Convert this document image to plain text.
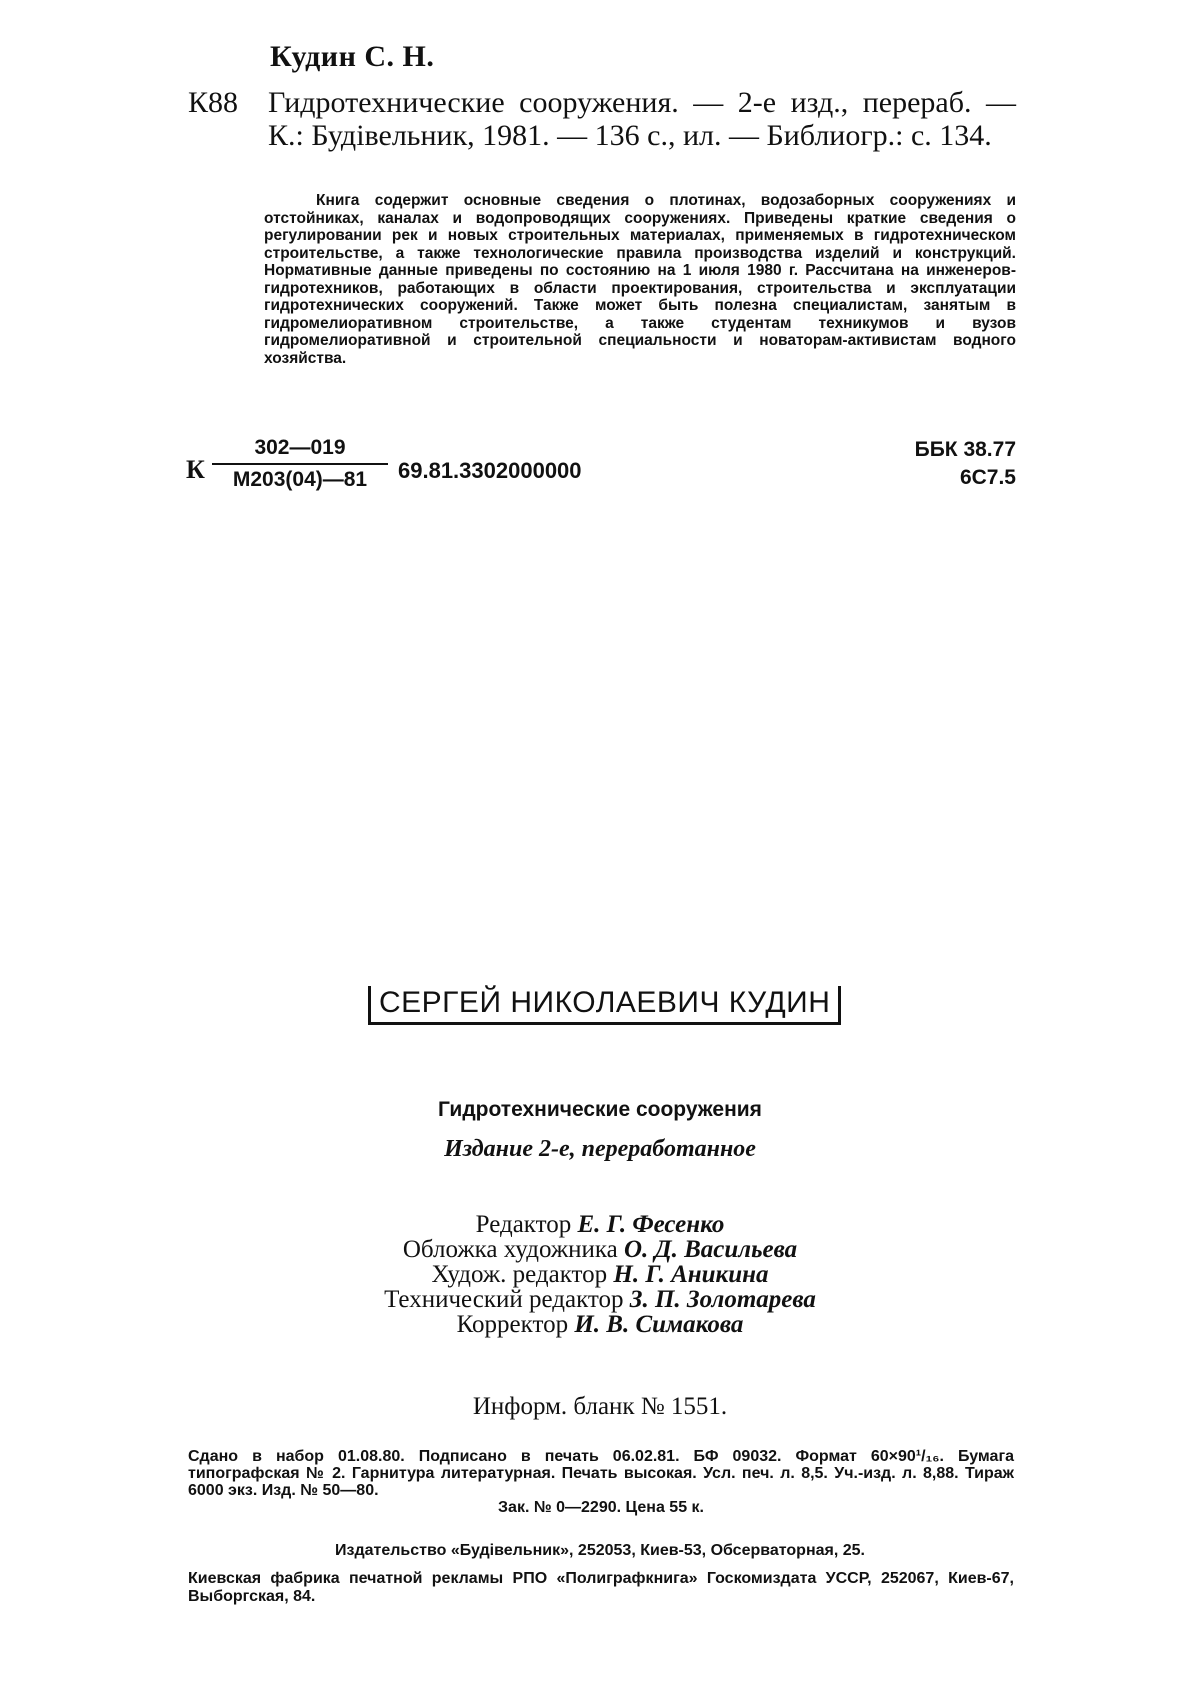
Кудин С. Н.
К88 Гидротехнические сооружения. — 2-е изд., перераб. — К.: Будівельник, 1981. — 136 с., ил. — Библиогр.: с. 134.
Книга содержит основные сведения о плотинах, водозаборных сооружениях и отстойниках, каналах и водопроводящих сооружениях. Приведены краткие сведения о регулировании рек и новых строительных материалах, применяемых в гидротехническом строительстве, а также технологические правила производства изделий и конструкций. Нормативные данные приведены по состоянию на 1 июля 1980 г. Рассчитана на инженеров-гидротехников, работающих в области проектирования, строительства и эксплуатации гидротехнических сооружений. Также может быть полезна специалистам, занятым в гидромелиоративном строительстве, а также студентам техникумов и вузов гидромелиоративной и строительной специальности и новаторам-активистам водного хозяйства.
К
302—019
М203(04)—81	69.81.3302000000
ББК 38.77
6С7.5
СЕРГЕЙ НИКОЛАЕВИЧ КУДИН
Гидротехнические сооружения
Издание 2-е, переработанное
Редактор Е. Г. Фесенко
Обложка художника О. Д. Васильева
Худож. редактор Н. Г. Аникина
Технический редактор З. П. Золотарева
Корректор И. В. Симакова
Информ. бланк № 1551.
Сдано в набор 01.08.80. Подписано в печать 06.02.81. БФ 09032. Формат 60×90¹/₁₆. Бумага типографская № 2. Гарнитура литературная. Печать высокая. Усл. печ. л. 8,5. Уч.-изд. л. 8,88. Тираж 6000 экз. Изд. № 50—80.
Зак. № 0—2290. Цена 55 к.
Издательство «Будівельник», 252053, Киев-53, Обсерваторная, 25.
Киевская фабрика печатной рекламы РПО «Полиграфкнига» Госкомиздата УССР, 252067, Киев-67, Выборгская, 84.
